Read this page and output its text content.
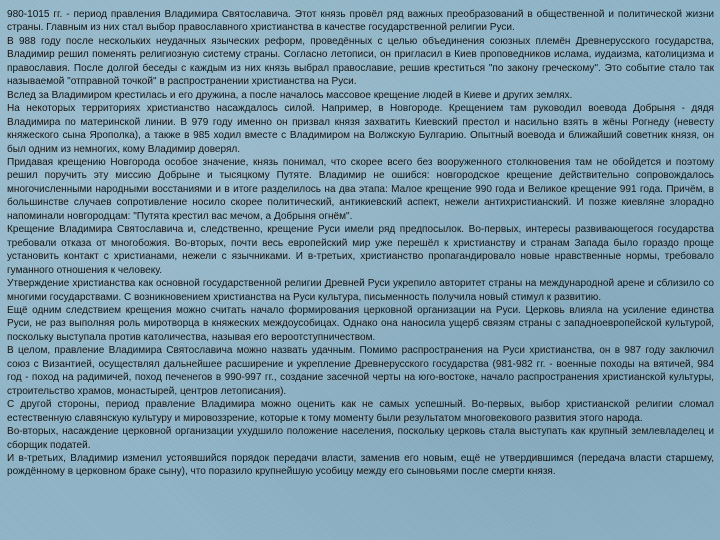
980-1015 гг. - период правления Владимира Святославича. Этот князь провёл ряд важных преобразований в общественной и политической жизни страны. Главным из них стал выбор православного христианства в качестве государственной религии Руси.

В 988 году после нескольких неудачных языческих реформ, проведённых с целью объединения союзных племён Древнерусского государства, Владимир решил поменять религиозную систему страны. Согласно летописи, он пригласил в Киев проповедников ислама, иудаизма, католицизма и православия. После долгой беседы с каждым из них князь выбрал православие, решив креститься "по закону греческому". Это событие стало так называемой "отправной точкой" в распространении христианства на Руси.

Вслед за Владимиром крестилась и его дружина, а после началось массовое крещение людей в Киеве и других землях.

На некоторых территориях христианство насаждалось силой. Например, в Новгороде. Крещением там руководил воевода Добрыня - дядя Владимира по материнской линии. В 979 году именно он призвал князя захватить Киевский престол и насильно взять в жёны Рогнеду (невесту княжеского сына Ярополка), а также в 985 ходил вместе с Владимиром на Волжскую Булгарию. Опытный воевода и ближайший советник князя, он был одним из немногих, кому Владимир доверял.

Придавая крещению Новгорода особое значение, князь понимал, что скорее всего без вооруженного столкновения там не обойдется и поэтому решил поручить эту миссию Добрыне и тысяцкому Путяте. Владимир не ошибся: новгородское крещение действительно сопровождалось многочисленными народными восстаниями и в итоге разделилось на два этапа: Малое крещение 990 года и Великое крещение 991 года. Причём, в большинстве случаев сопротивление носило скорее политический, антикиевский аспект, нежели антихристианский. И позже киевляне злорадно напоминали новгородцам: "Путята крестил вас мечом, а Добрыня огнём".

Крещение Владимира Святославича и, следственно, крещение Руси имели ряд предпосылок. Во-первых, интересы развивающегося государства требовали отказа от многобожия. Во-вторых, почти весь европейский мир уже перешёл к христианству и странам Запада было гораздо проще установить контакт с христианами, нежели с язычниками. И в-третьих, христианство пропагандировало новые нравственные нормы, требовало гуманного отношения к человеку.

Утверждение христианства как основной государственной религии Древней Руси укрепило авторитет страны на международной арене и сблизило со многими государствами. С возникновением христианства на Руси культура, письменность получила новый стимул к развитию.

Ещё одним следствием крещения можно считать начало формирования церковной организации на Руси. Церковь влияла на усиление единства Руси, не раз выполняя роль миротворца в княжеских междоусобицах. Однако она наносила ущерб связям страны с западноевропейской культурой, поскольку выступала против католичества, называя его вероотступничеством.

В целом, правление Владимира Святославича можно назвать удачным. Помимо распространения на Руси христианства, он в 987 году заключил союз с Византией, осуществлял дальнейшее расширение и укрепление Древнерусского государства (981-982 гг. - военные походы на вятичей, 984 год - поход на радимичей, поход печенегов в 990-997 гг., создание засечной черты на юго-востоке, начало распространения христианской культуры, строительство храмов, монастырей, центров летописания).

С другой стороны, период правление Владимира можно оценить как не самых успешный. Во-первых, выбор христианской религии сломал естественную славянскую культуру и мировоззрение, которые к тому моменту были результатом многовекового развития этого народа.

Во-вторых, насаждение церковной организации ухудшило положение населения, поскольку церковь стала выступать как крупный землевладелец и сборщик податей.

И в-третьих, Владимир изменил устоявшийся порядок передачи власти, заменив его новым, ещё не утвердившимся (передача власти старшему, рождённому в церковном браке сыну), что поразило крупнейшую усобицу между его сыновьями после смерти князя.
